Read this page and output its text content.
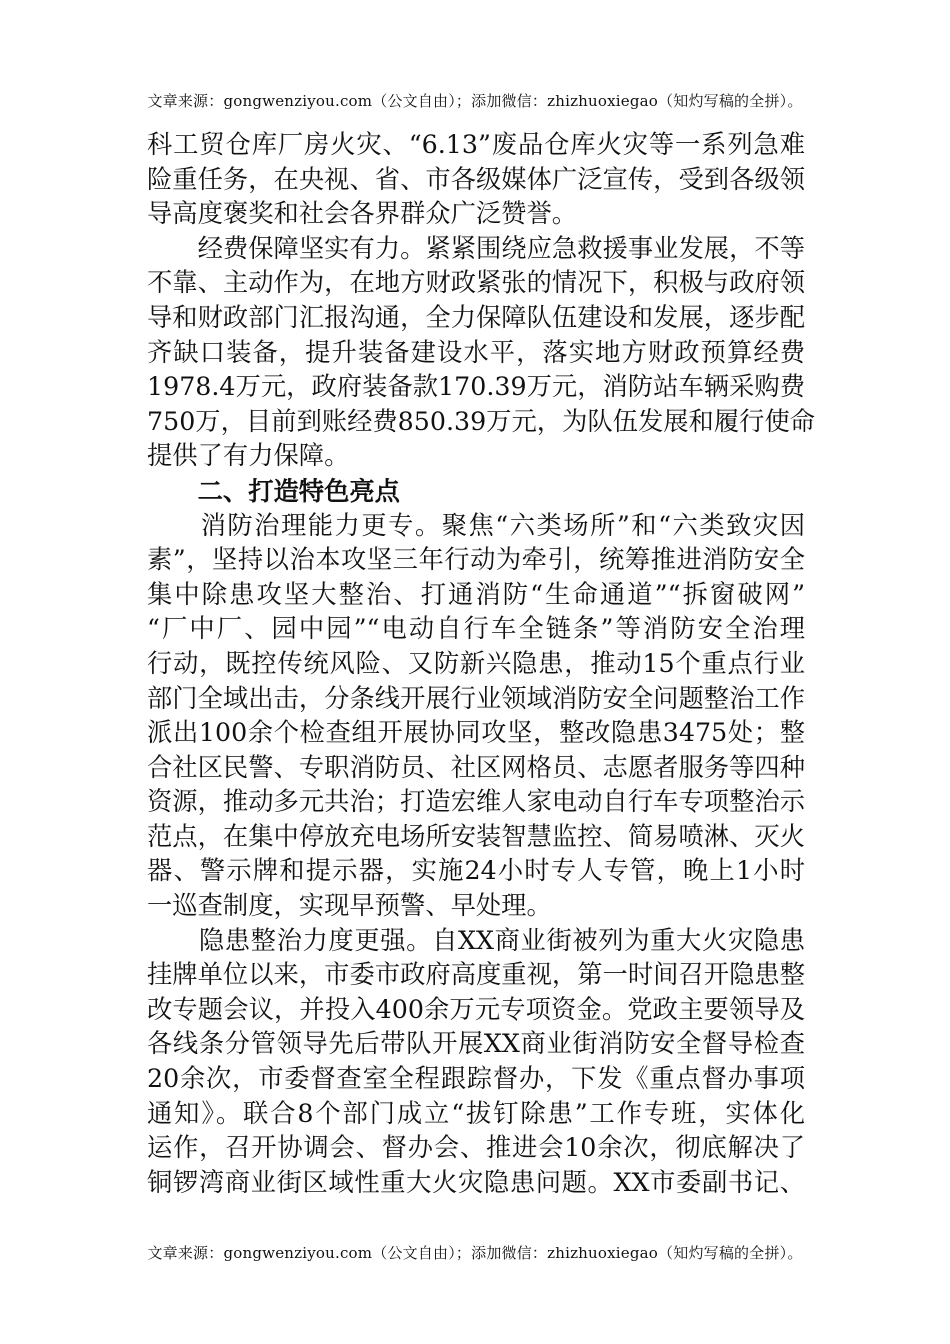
文章来源：gongwenziyou.com（公文自由）；添加微信：zhizhuoxiegao（知灼写稿的全拼）。
科工贸仓库厂房火灾、“6.13”废品仓库火灾等一系列急难
险重任务，在央视、省、市各级媒体广泛宣传，受到各级领
导高度褒奖和社会各界群众广泛赞誉。
　　经费保障坚实有力。紧紧围绕应急救援事业发展，不等
不靠、主动作为，在地方财政紧张的情况下，积极与政府领
导和财政部门汇报沟通，全力保障队伍建设和发展，逐步配
齐缺口装备，提升装备建设水平，落实地方财政预算经费
1978.4万元，政府装备款170.39万元，消防站车辆采购费
750万，目前到账经费850.39万元，为队伍发展和履行使命
提供了有力保障。
　　二、打造特色亮点
　　消防治理能力更专。聚焦“六类场所”和“六类致灾因
素”，坚持以治本攻坚三年行动为牵引，统筹推进消防安全
集中除患攻坚大整治、打通消防“生命通道”“拆窗破网”
“厂中厂、园中园”“电动自行车全链条”等消防安全治理
行动，既控传统风险、又防新兴隐患，推动15个重点行业
部门全域出击，分条线开展行业领域消防安全问题整治工作
派出100余个检查组开展协同攻坚，整改隐患3475处；整
合社区民警、专职消防员、社区网格员、志愿者服务等四种
资源，推动多元共治；打造宏维人家电动自行车专项整治示
范点，在集中停放充电场所安装智慧监控、简易喷淋、灭火
器、警示牌和提示器，实施24小时专人专管，晚上1小时
一巡查制度，实现早预警、早处理。
　　隐患整治力度更强。自XX商业街被列为重大火灾隐患
挂牌单位以来，市委市政府高度重视，第一时间召开隐患整
改专题会议，并投入400余万元专项资金。党政主要领导及
各线条分管领导先后带队开展XX商业街消防安全督导检查
20余次，市委督查室全程跟踪督办，下发《重点督办事项
通知》。联合8个部门成立“拔钉除患”工作专班，实体化
运作，召开协调会、督办会、推进会10余次，彻底解决了
铜锣湾商业街区域性重大火灾隐患问题。XX市委副书记、
文章来源：gongwenziyou.com（公文自由）；添加微信：zhizhuoxiegao（知灼写稿的全拼）。
